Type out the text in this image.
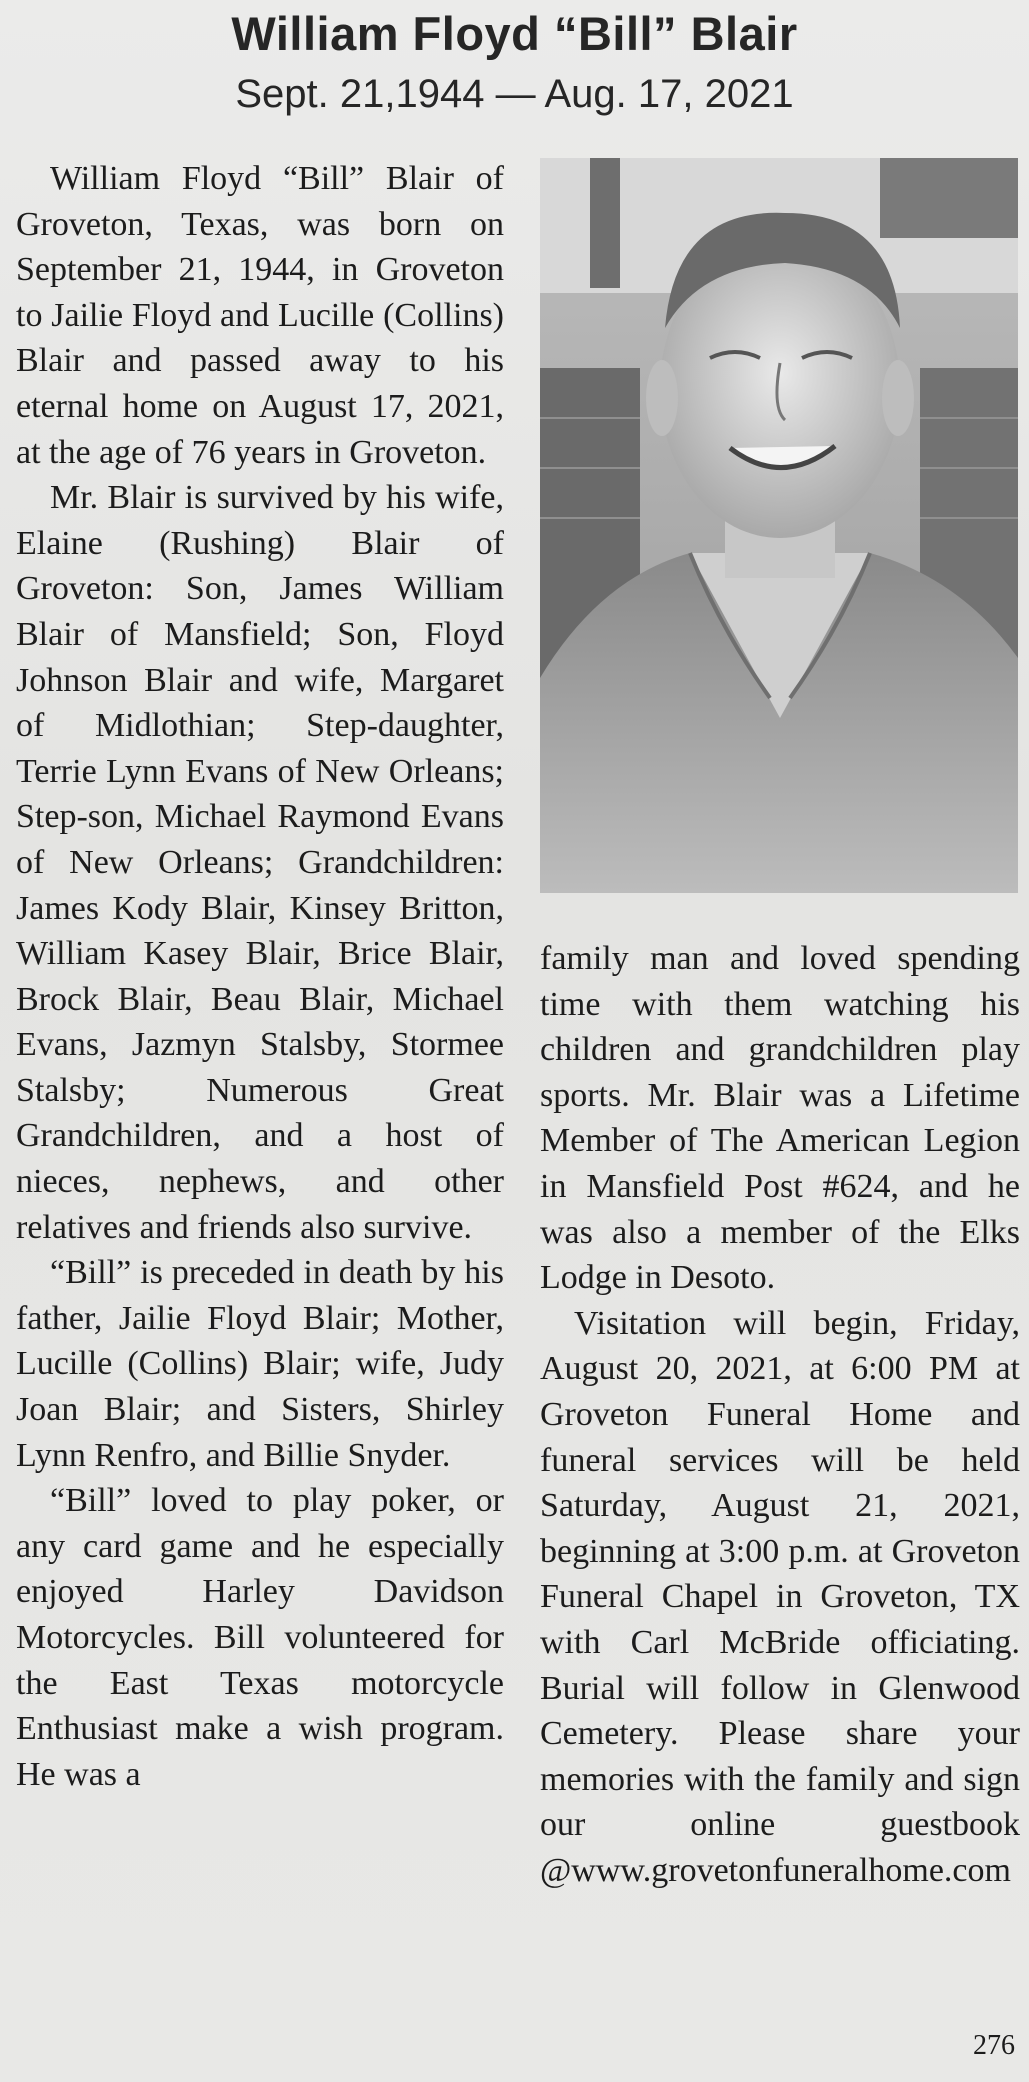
William Floyd “Bill” Blair
Sept. 21,1944 — Aug. 17, 2021

William Floyd “Bill” Blair of Groveton, Texas, was born on September 21, 1944, in Groveton to Jailie Floyd and Lucille (Collins) Blair and passed away to his eternal home on August 17, 2021, at the age of 76 years in Groveton.

Mr. Blair is survived by his wife, Elaine (Rushing) Blair of Groveton: Son, James William Blair of Mansfield; Son, Floyd Johnson Blair and wife, Margaret of Midlothian; Step-daughter, Terrie Lynn Evans of New Orleans; Step-son, Michael Raymond Evans of New Orleans; Grandchildren: James Kody Blair, Kinsey Britton, William Kasey Blair, Brice Blair, Brock Blair, Beau Blair, Michael Evans, Jazmyn Stalsby, Stormee Stalsby; Numerous Great Grandchildren, and a host of nieces, nephews, and other relatives and friends also survive.

“Bill” is preceded in death by his father, Jailie Floyd Blair; Mother, Lucille (Collins) Blair; wife, Judy Joan Blair; and Sisters, Shirley Lynn Renfro, and Billie Snyder.

“Bill” loved to play poker, or any card game and he especially enjoyed Harley Davidson Motorcycles. Bill volunteered for the East Texas motorcycle Enthusiast make a wish program. He was a

family man and loved spending time with them watching his children and grandchildren play sports. Mr. Blair was a Lifetime Member of The American Legion in Mansfield Post #624, and he was also a member of the Elks Lodge in Desoto.

Visitation will begin, Friday, August 20, 2021, at 6:00 PM at Groveton Funeral Home and funeral services will be held Saturday, August 21, 2021, beginning at 3:00 p.m. at Groveton Funeral Chapel in Groveton, TX with Carl McBride officiating. Burial will follow in Glenwood Cemetery. Please share your memories with the family and sign our online guestbook @www.grovetonfuneralhome.com

276
